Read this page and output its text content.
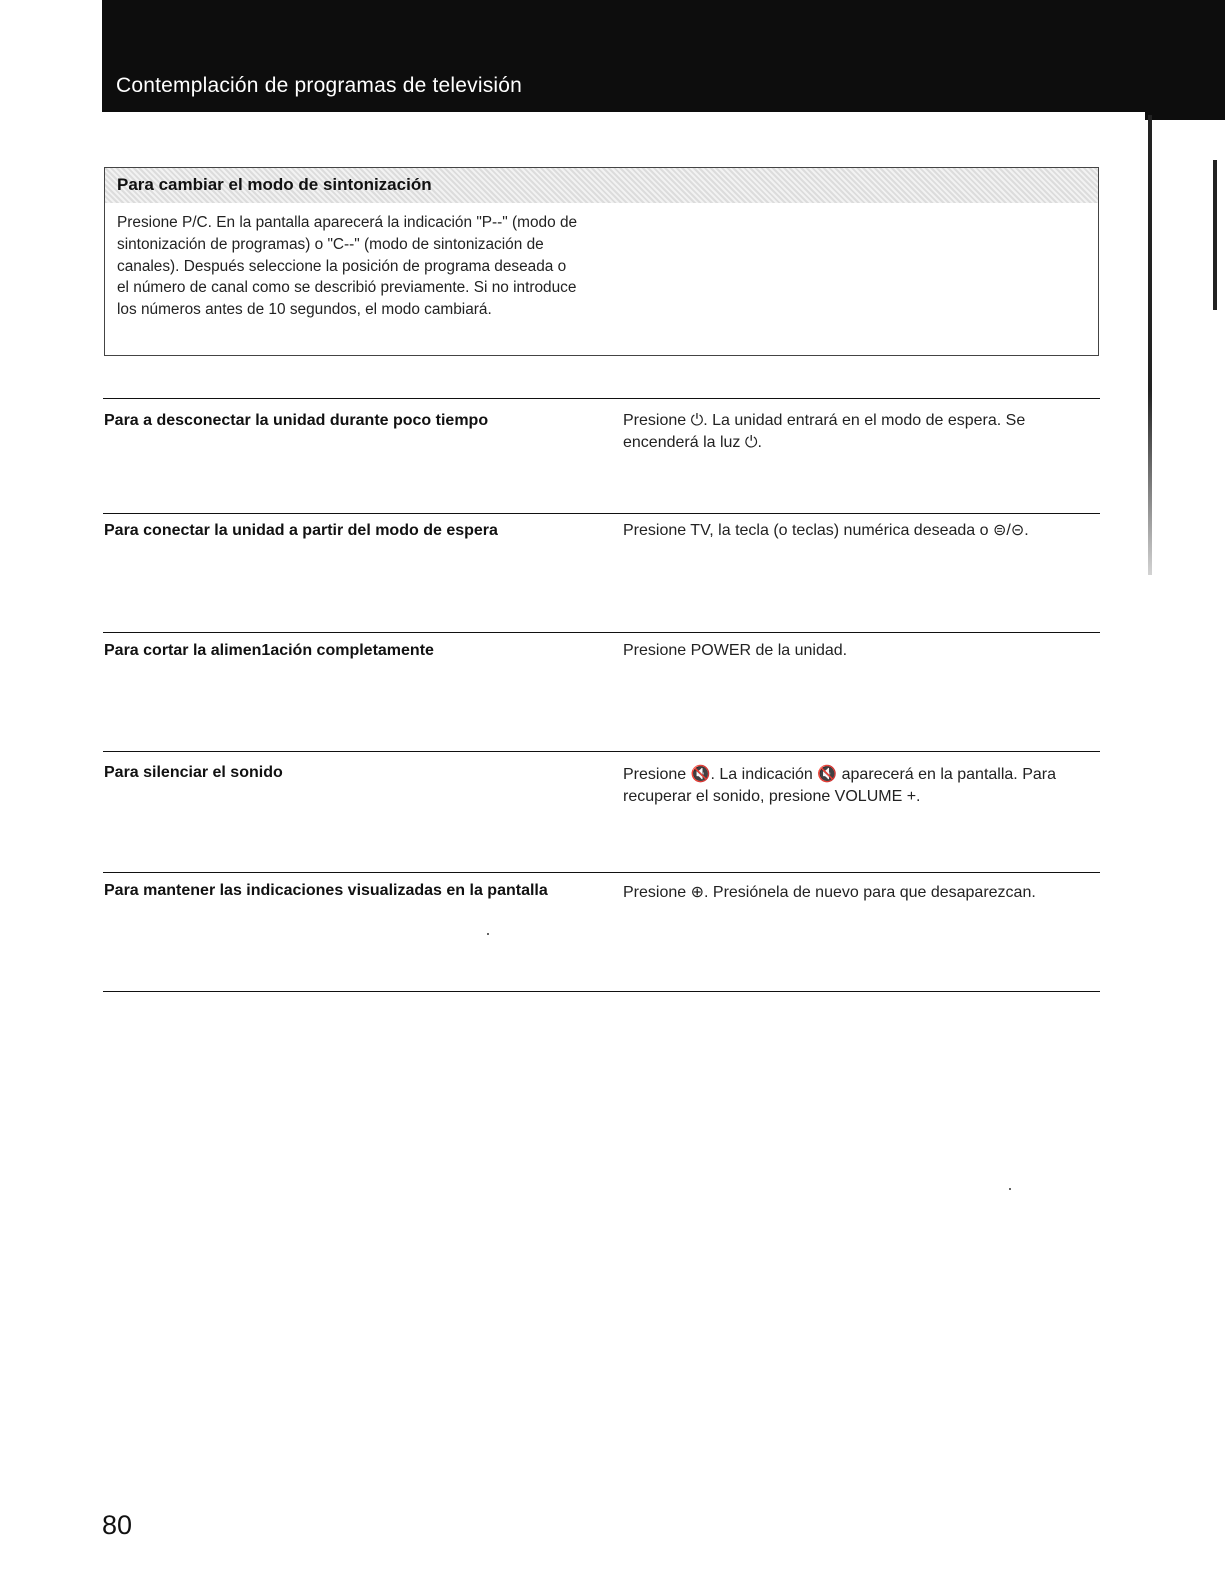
Contemplación de programas de televisión
Para cambiar el modo de sintonización
Presione P/C. En la pantalla aparecerá la indicación "P--" (modo de sintonización de programas) o "C--" (modo de sintonización de canales). Después seleccione la posición de programa deseada o el número de canal como se describió previamente. Si no introduce los números antes de 10 segundos, el modo cambiará.
Para a desconectar la unidad durante poco tiempo	Presione ⏻. La unidad entrará en el modo de espera. Se encenderá la luz ⏻.
Para conectar la unidad a partir del modo de espera	Presione TV, la tecla (o teclas) numérica deseada o ⊜/⊝.
Para cortar la alimen1ación completamente	Presione POWER de la unidad.
Para silenciar el sonido	Presione 🔇. La indicación 🔇 aparecerá en la pantalla. Para recuperar el sonido, presione VOLUME +.
Para mantener las indicaciones visualizadas en la pantalla	Presione ⊕. Presiónela de nuevo para que desaparezcan.
80
